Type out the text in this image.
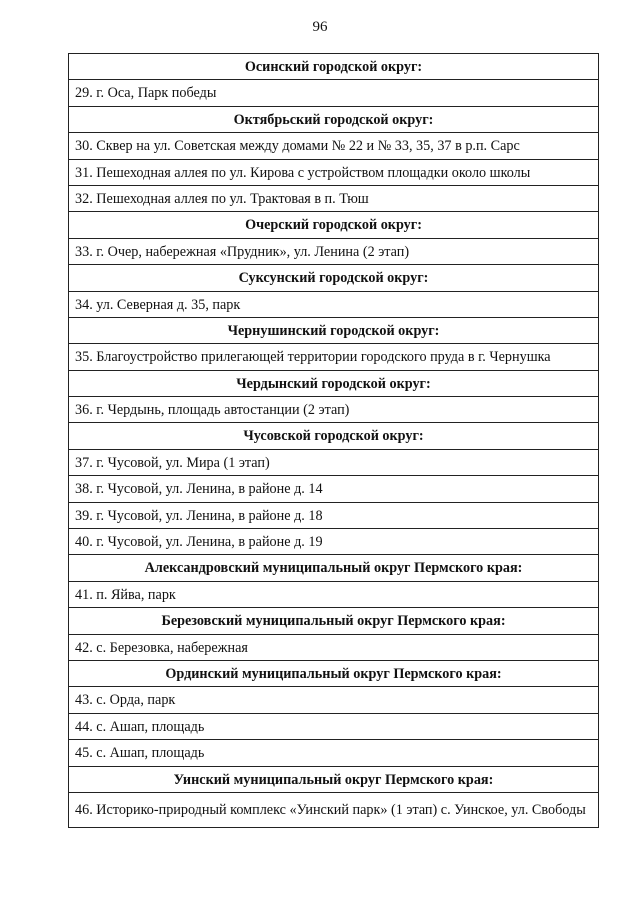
96
Осинский городской округ:
29. г. Оса, Парк победы
Октябрьский городской округ:
30. Сквер на ул. Советская между домами № 22 и № 33, 35, 37 в р.п. Сарс
31. Пешеходная аллея по ул. Кирова с устройством площадки около школы
32. Пешеходная аллея по ул. Трактовая в п. Тюш
Очерский городской округ:
33. г. Очер, набережная «Прудник», ул. Ленина (2 этап)
Суксунский городской округ:
34. ул. Северная д. 35, парк
Чернушинский городской округ:
35. Благоустройство прилегающей территории городского пруда в г. Чернушка
Чердынский городской округ:
36. г. Чердынь, площадь автостанции (2 этап)
Чусовской городской округ:
37. г. Чусовой, ул. Мира (1 этап)
38. г. Чусовой, ул. Ленина, в районе д. 14
39. г. Чусовой, ул. Ленина, в районе д. 18
40. г. Чусовой, ул. Ленина, в районе д. 19
Александровский муниципальный округ Пермского края:
41. п. Яйва, парк
Березовский муниципальный округ Пермского края:
42. с. Березовка, набережная
Ординский муниципальный округ Пермского края:
43. с. Орда, парк
44. с. Ашап, площадь
45. с. Ашап, площадь
Уинский муниципальный округ Пермского края:
46. Историко-природный комплекс «Уинский парк» (1 этап) с. Уинское, ул. Свободы
